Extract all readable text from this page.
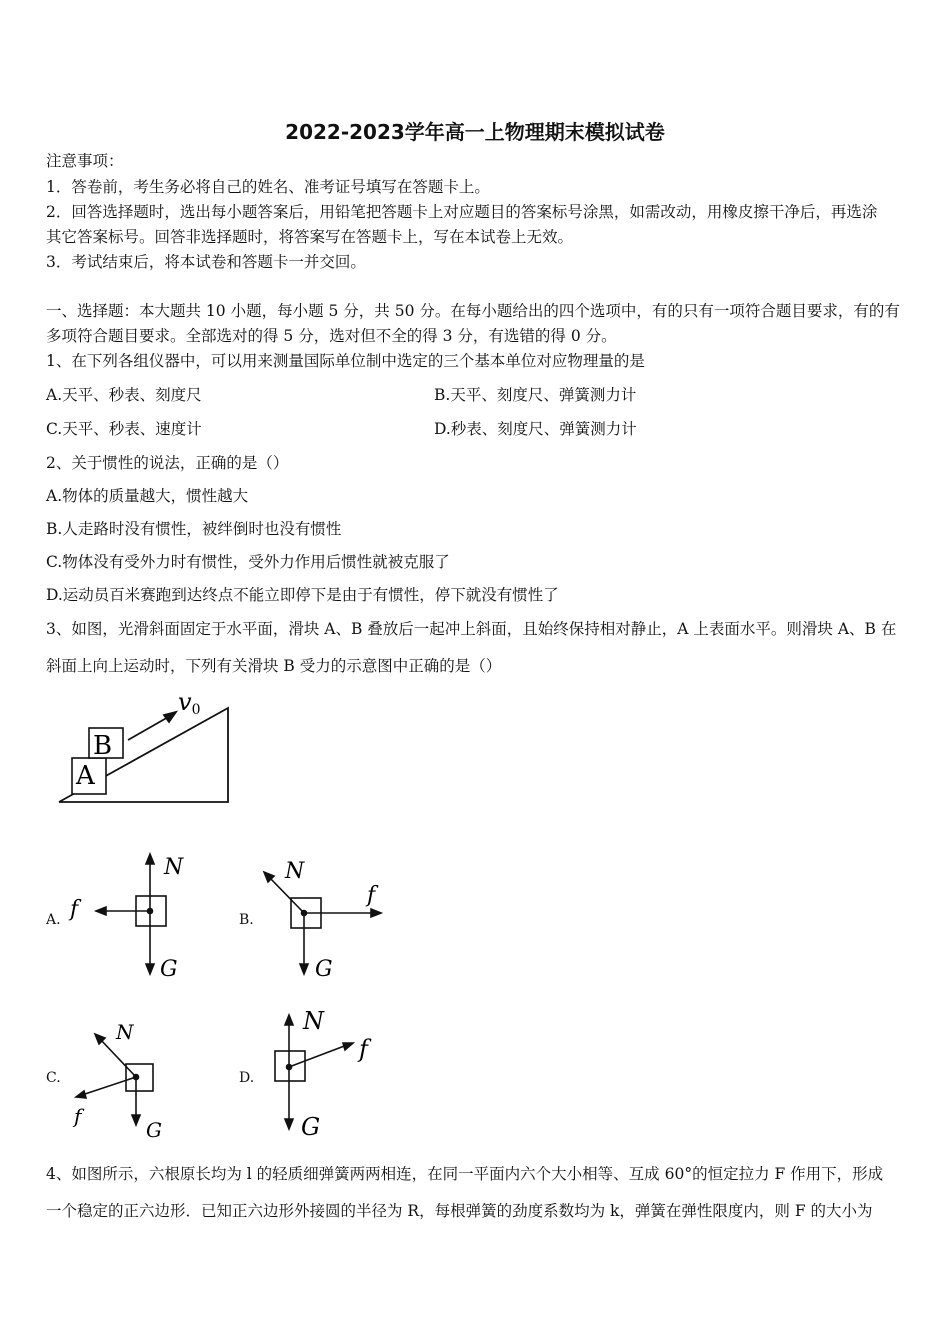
2022-2023学年高一上物理期末模拟试卷
注意事项：
1．答卷前，考生务必将自己的姓名、准考证号填写在答题卡上。
2．回答选择题时，选出每小题答案后，用铅笔把答题卡上对应题目的答案标号涂黑，如需改动，用橡皮擦干净后，再选涂
其它答案标号。回答非选择题时，将答案写在答题卡上，写在本试卷上无效。
3．考试结束后，将本试卷和答题卡一并交回。
一、选择题：本大题共 10 小题，每小题 5 分，共 50 分。在每小题给出的四个选项中，有的只有一项符合题目要求，有的有
多项符合题目要求。全部选对的得 5 分，选对但不全的得 3 分，有选错的得 0 分。
1、在下列各组仪器中，可以用来测量国际单位制中选定的三个基本单位对应物理量的是
A.天平、秒表、刻度尺	B.天平、刻度尺、弹簧测力计
C.天平、秒表、速度计	D.秒表、刻度尺、弹簧测力计
2、关于惯性的说法，正确的是（）
A.物体的质量越大，惯性越大
B.人走路时没有惯性，被绊倒时也没有惯性
C.物体没有受外力时有惯性，受外力作用后惯性就被克服了
D.运动员百米赛跑到达终点不能立即停下是由于有惯性，停下就没有惯性了
3、如图，光滑斜面固定于水平面，滑块 A、B 叠放后一起冲上斜面，且始终保持相对静止，A 上表面水平。则滑块 A、B 在
斜面上向上运动时，下列有关滑块 B 受力的示意图中正确的是（）
A
B
v0
A.
N
f
G
B.
N
f
G
C.
N
f
G
D.
N
f
G
4、如图所示，六根原长均为 l 的轻质细弹簧两两相连，在同一平面内六个大小相等、互成 60°的恒定拉力 F 作用下，形成
一个稳定的正六边形．已知正六边形外接圆的半径为 R，每根弹簧的劲度系数均为 k，弹簧在弹性限度内，则 F 的大小为
